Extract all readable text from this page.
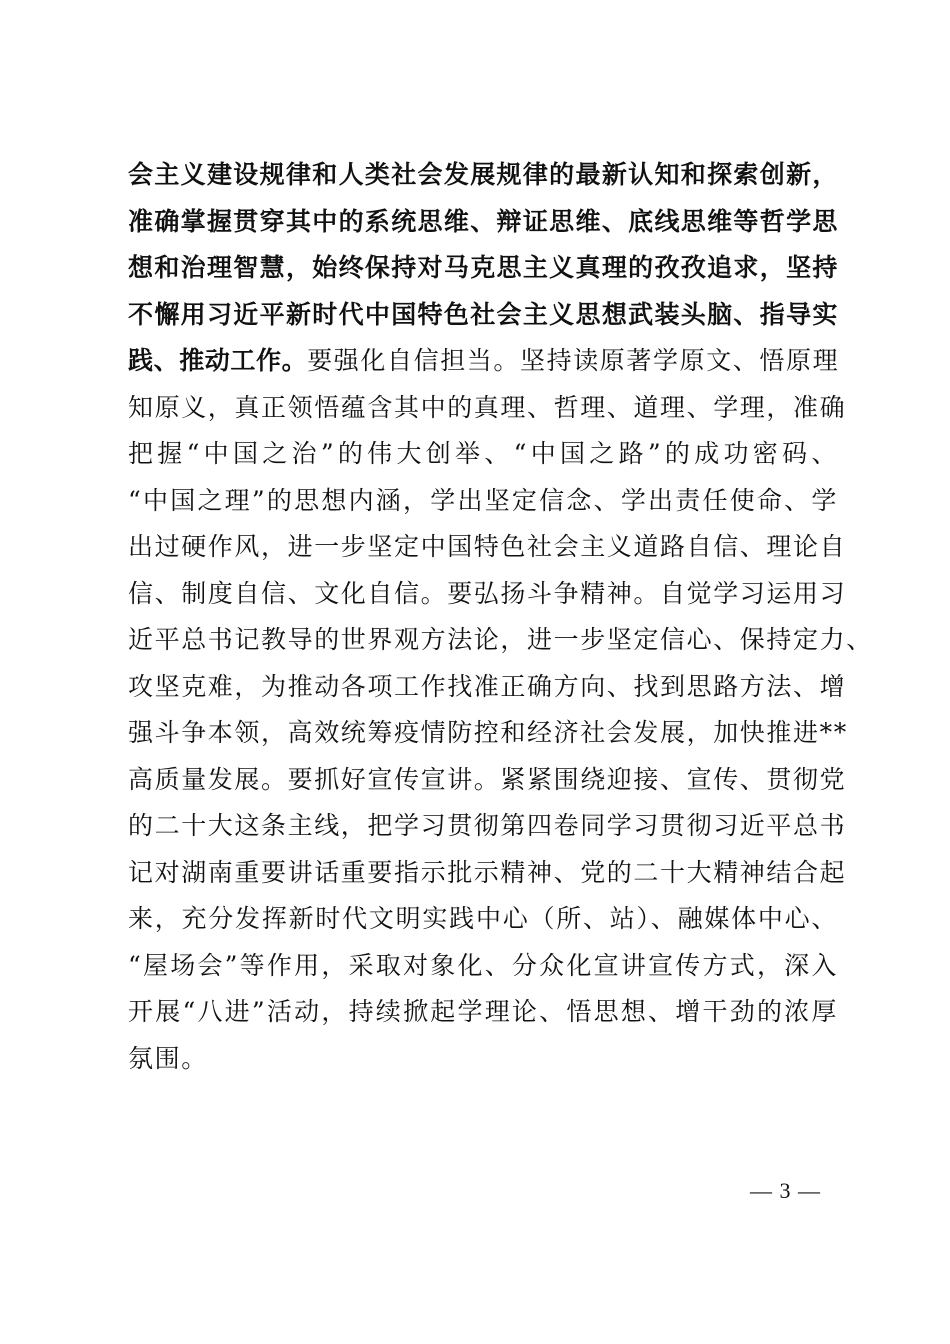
会主义建设规律和人类社会发展规律的最新认知和探索创新，
准确掌握贯穿其中的系统思维、辩证思维、底线思维等哲学思
想和治理智慧，始终保持对马克思主义真理的孜孜追求，坚持
不懈用习近平新时代中国特色社会主义思想武装头脑、指导实
践、推动工作。要强化自信担当。坚持读原著学原文、悟原理
知原义，真正领悟蕴含其中的真理、哲理、道理、学理，准确
把握“中国之治”的伟大创举、“中国之路”的成功密码、
“中国之理”的思想内涵，学出坚定信念、学出责任使命、学
出过硬作风，进一步坚定中国特色社会主义道路自信、理论自
信、制度自信、文化自信。要弘扬斗争精神。自觉学习运用习
近平总书记教导的世界观方法论，进一步坚定信心、保持定力、
攻坚克难，为推动各项工作找准正确方向、找到思路方法、增
强斗争本领，高效统筹疫情防控和经济社会发展，加快推进**
高质量发展。要抓好宣传宣讲。紧紧围绕迎接、宣传、贯彻党
的二十大这条主线，把学习贯彻第四卷同学习贯彻习近平总书
记对湖南重要讲话重要指示批示精神、党的二十大精神结合起
来，充分发挥新时代文明实践中心（所、站）、融媒体中心、
“屋场会”等作用，采取对象化、分众化宣讲宣传方式，深入
开展“八进”活动，持续掀起学理论、悟思想、增干劲的浓厚
氛围。
— 3 —
